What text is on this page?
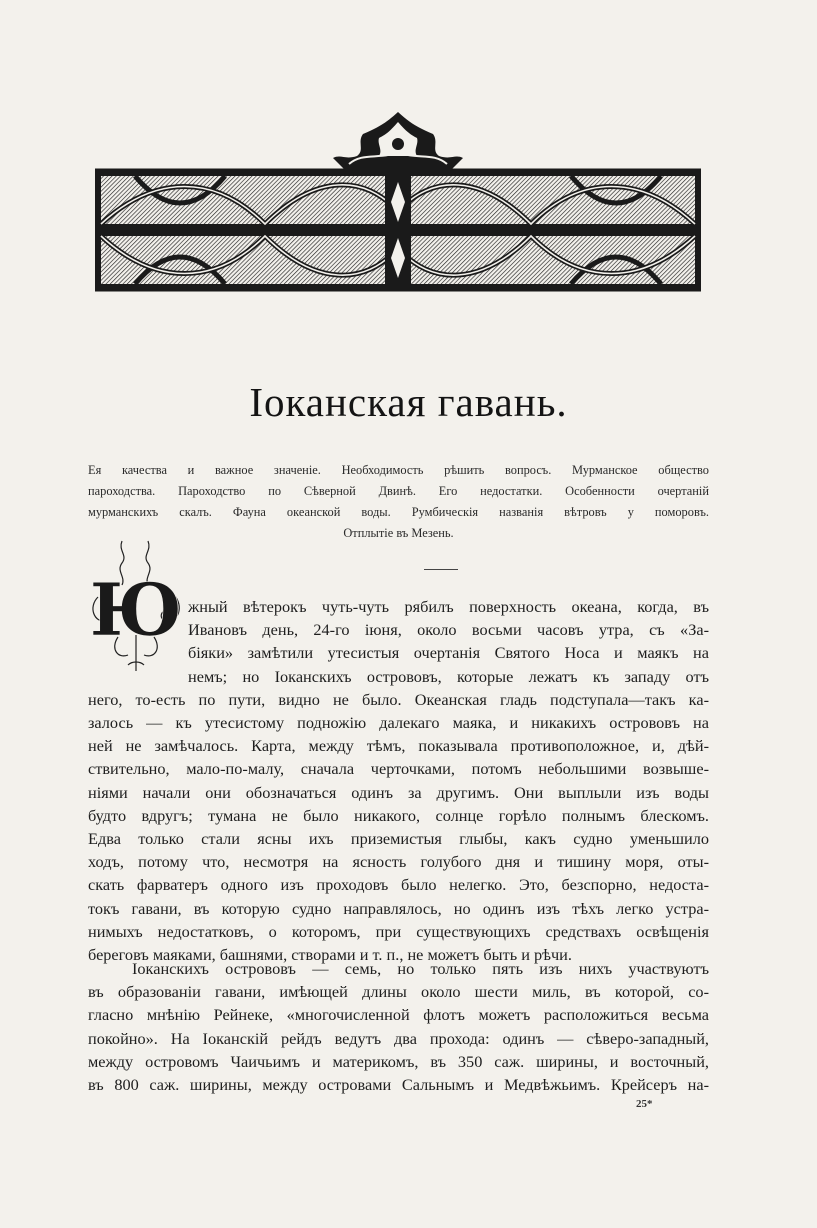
Іоканская гавань.
Ея качества и важное значеніе. Необходимость рѣшить вопросъ. Мурманское общество
пароходства. Пароходство по Сѣверной Двинѣ. Его недостатки. Особенности очертаній
мурманскихъ скалъ. Фауна океанской воды. Румбическія названія вѣтровъ у поморовъ.
Отплытіе въ Мезень.
Ю жный вѣтерокъ чуть-чуть рябилъ поверхность океана, когда, въ
Ивановъ день, 24-го іюня, около восьми часовъ утра, съ «За-
біяки» замѣтили утесистыя очертанія Святого Носа и маякъ на
немъ; но Іоканскихъ острововъ, которые лежатъ къ западу отъ
него, то-есть по пути, видно не было. Океанская гладь подступала—такъ ка-
залось — къ утесистому подножію далекаго маяка, и никакихъ острововъ на
ней не замѣчалось. Карта, между тѣмъ, показывала противоположное, и, дѣй-
ствительно, мало-по-малу, сначала черточками, потомъ небольшими возвыше-
ніями начали они обозначаться одинъ за другимъ. Они выплыли изъ воды
будто вдругъ; тумана не было никакого, солнце горѣло полнымъ блескомъ.
Едва только стали ясны ихъ приземистыя глыбы, какъ судно уменьшило
ходъ, потому что, несмотря на ясность голубого дня и тишину моря, оты-
скать фарватеръ одного изъ проходовъ было нелегко. Это, безспорно, недоста-
токъ гавани, въ которую судно направлялось, но одинъ изъ тѣхъ легко устра-
нимыхъ недостатковъ, о которомъ, при существующихъ средствахъ освѣщенія
береговъ маяками, башнями, створами и т. п., не можетъ быть и рѣчи.
Іоканскихъ острововъ — семь, но только пять изъ нихъ участвуютъ
въ образованіи гавани, имѣющей длины около шести миль, въ которой, со-
гласно мнѣнію Рейнеке, «многочисленной флотъ можетъ расположиться весьма
покойно». На Іоканскій рейдъ ведутъ два прохода: одинъ — сѣверо-западный,
между островомъ Чаичьимъ и материкомъ, въ 350 саж. ширины, и восточный,
въ 800 саж. ширины, между островами Сальнымъ и Медвѣжьимъ. Крейсеръ на-
25*
